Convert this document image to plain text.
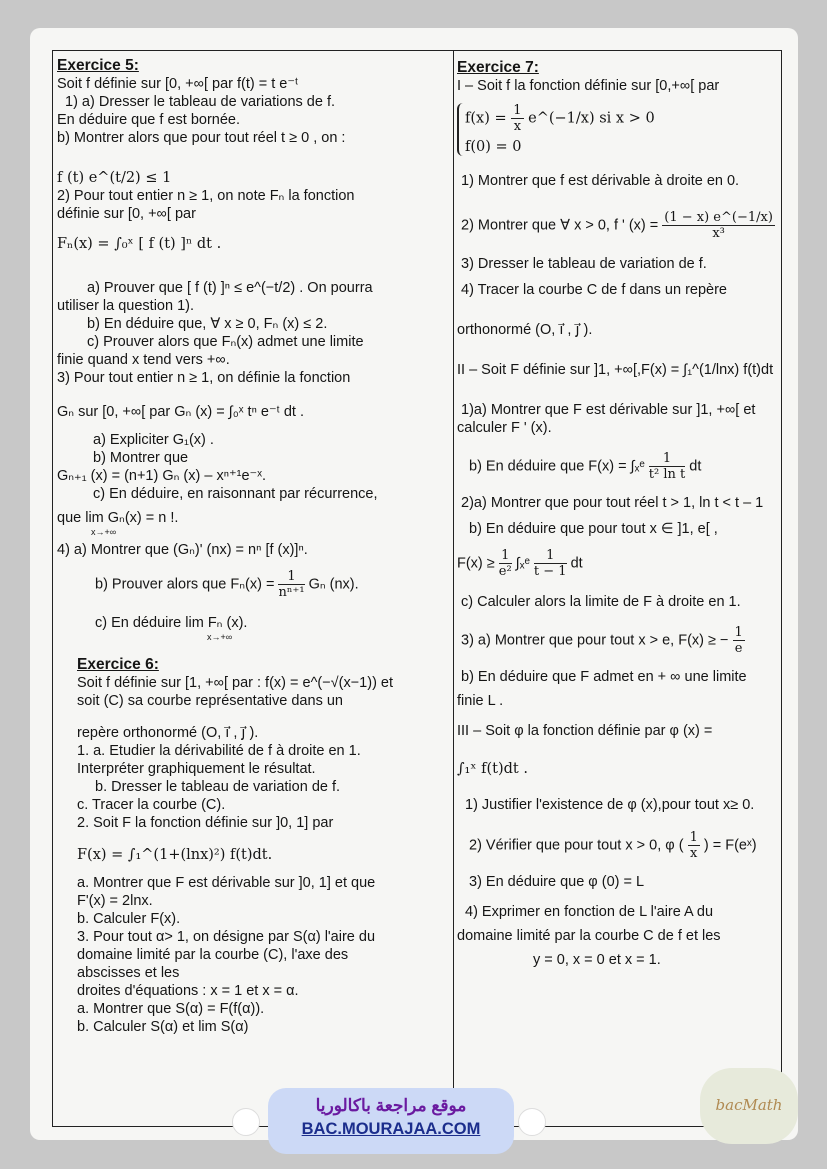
Exercice 5:

Soit f définie sur [0, +∞[ par f(t) = t e⁻ᵗ

1) a) Dresser le tableau de variations de f.

En déduire que f est bornée.

b) Montrer alors que pour tout réel t ≥ 0 , on :

f (t) e^(t/2) ≤ 1

2) Pour tout entier n ≥ 1, on note Fₙ la fonction

définie sur [0, +∞[ par

Fₙ(x) = ∫₀ˣ [ f (t) ]ⁿ dt .

a) Prouver que [ f (t) ]ⁿ ≤ e^(−t/2) . On pourra

utiliser la question 1).

b) En déduire que, ∀ x ≥ 0, Fₙ (x) ≤ 2.

c) Prouver alors que Fₙ(x) admet une limite

finie quand x tend vers +∞.

3) Pour tout entier n ≥ 1, on définie la fonction

Gₙ sur [0, +∞[ par Gₙ (x) = ∫₀ˣ tⁿ e⁻ᵗ dt .

a) Expliciter G₁(x) .

b) Montrer que

Gₙ₊₁ (x) = (n+1) Gₙ (x) – xⁿ⁺¹e⁻ˣ.

c) En déduire, en raisonnant par récurrence,

que lim Gₙ(x) = n !.

x→+∞

4) a) Montrer que (Gₙ)' (nx) = nⁿ [f (x)]ⁿ.

b) Prouver alors que $F_n(x) = \frac{1}{\text{nⁿ⁺¹}}$ Gₙ (nx).

c) En déduire lim Fₙ (x).

x→+∞

Exercice 6:

Soit f définie sur [1, +∞[ par : f(x) = e^(−√(x−1)) et

soit (C) sa courbe représentative dans un

repère orthonormé (O, i⃗ , j⃗ ).

1. a. Etudier la dérivabilité de f à droite en 1.

Interpréter graphiquement le résultat.

b. Dresser le tableau de variation de f.

c. Tracer la courbe (C).

2. Soit F la fonction définie sur ]0, 1] par

F(x) = ∫₁^(1+(lnx)²) f(t)dt.

a. Montrer que F est dérivable sur ]0, 1] et que

F'(x) = 2lnx.

b. Calculer F(x).

3. Pour tout α> 1, on désigne par S(α) l'aire du

domaine limité par la courbe (C), l'axe des

abscisses et les

droites d'équations : x = 1 et x = α.

a. Montrer que S(α) = F(f(α)).

b. Calculer S(α) et lim S(α)

Exercice 7:

I – Soit f la fonction définie sur [0,+∞[ par

$f(x) = \frac{1}{x}$ e^(−1/x) si x > 0
f(0) = 0

1) Montrer que f est dérivable à droite en 0.

2) Montrer que ∀ x > 0, f ' $(x) = \frac{(1 - x) e\^{}(-1/x)}{\text{x³}}$

3) Dresser le tableau de variation de f.

4) Tracer la courbe C de f dans un repère

orthonormé (O, i⃗ , j⃗ ).

II – Soit F définie sur ]1, +∞[,F(x) = ∫₁^(1/lnx) f(t)dt

1)a) Montrer que F est dérivable sur ]1, +∞[ et

calculer F ' (x).

b) En déduire que F(x) = ∫ₓᵉ $\frac{1}{\text{t² ln t}}$ dt

2)a) Montrer que pour tout réel t > 1, ln t < t – 1

b) En déduire que pour tout x ∈ ]1, e[ ,

$F(x) \ge \frac{1}{\text{e²}}$ ∫ₓᵉ $\frac{1}{t - 1}$ dt

c) Calculer alors la limite de F à droite en 1.

3) a) Montrer que pour tout x > e, F(x) ≥ − $\frac{1}{e}$

b) En déduire que F admet en + ∞ une limite

finie L .

III – Soit φ la fonction définie par φ (x) =

∫₁ˣ f(t)dt .

1) Justifier l'existence de φ (x),pour tout x≥ 0.

2) Vérifier que pour tout x > 0, φ ( $\frac{1}{x}$ ) = F(eˣ)

3) En déduire que φ (0) = L

4) Exprimer en fonction de L l'aire A du

domaine limité par la courbe C de f et les

y = 0, x = 0 et x = 1.

موقع مراجعة باكالوريا
BAC.MOURAJAA.COM
bacMath
